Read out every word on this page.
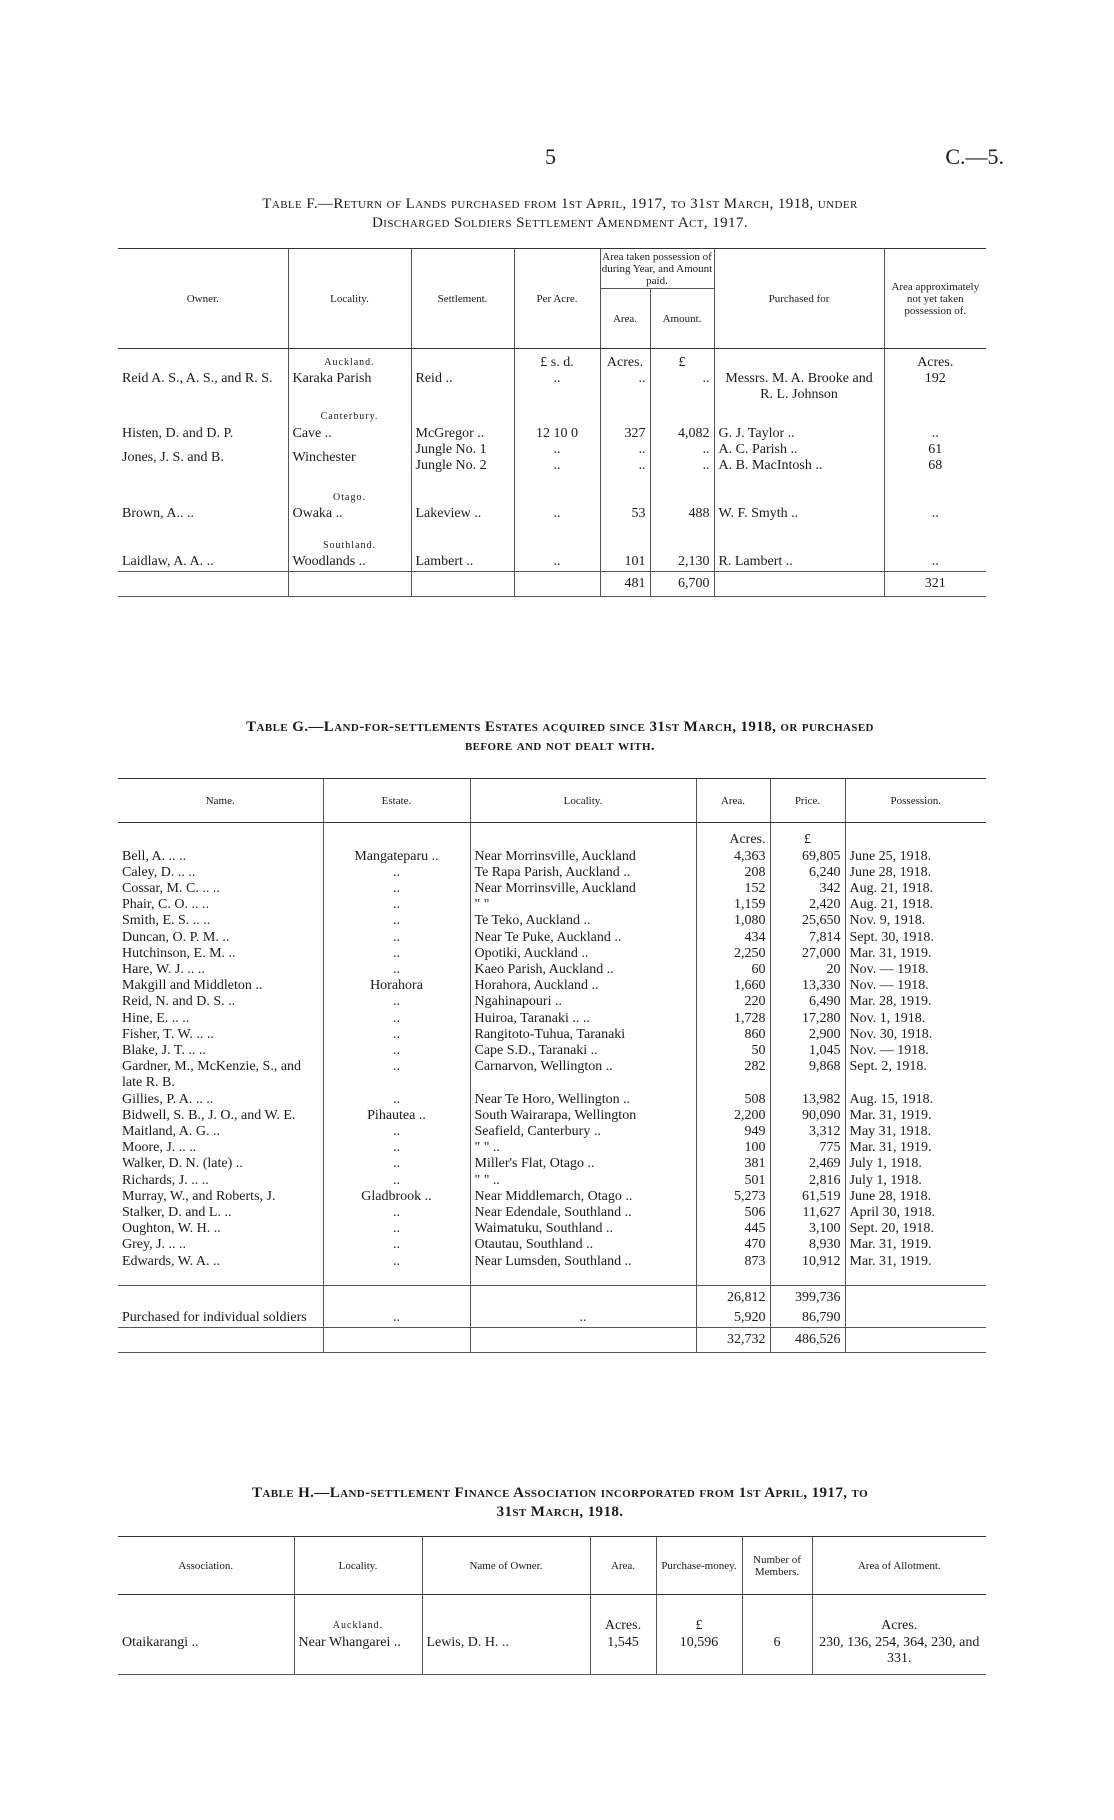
5	C.—5.
Table F.—Return of Lands purchased from 1st April, 1917, to 31st March, 1918, under
Discharged Soldiers Settlement Amendment Act, 1917.
Owner.	Locality.	Settlement.	Per Acre.	Area taken possession of during Year, and Amount paid.		Purchased for	Area approximately not yet taken possession of.
				Area.	Amount.		
	Auckland.		£ s. d.	Acres.	£		Acres.
Reid A. S., A. S., and R. S.	Karaka Parish	Reid ..	..	..	..	Messrs. M. A. Brooke and R. L. Johnson	192
	Canterbury.						
Histen, D. and D. P.	Cave ..	McGregor ..	12 10 0	327	4,082	G. J. Taylor ..	..
Jones, J. S. and B.	Winchester	Jungle No. 1	..	..	..	A. C. Parish ..	61
		Jungle No. 2	..	..	..	A. B. MacIntosh ..	68
	Otago.						
Brown, A.. ..	Owaka ..	Lakeview ..	..	53	488	W. F. Smyth ..	..
	Southland.						
Laidlaw, A. A. ..	Woodlands ..	Lambert ..	..	101	2,130	R. Lambert ..	..
				481	6,700		321
Table G.—Land-for-settlements Estates acquired since 31st March, 1918, or purchased
before and not dealt with.
Name.	Estate.	Locality.	Area.	Price.	Possession.
			Acres.	£	
Bell, A. .. ..	Mangateparu ..	Near Morrinsville, Auckland	4,363	69,805	June 25, 1918.
Caley, D. .. ..	..	Te Rapa Parish, Auckland ..	208	6,240	June 28, 1918.
Cossar, M. C. .. ..	..	Near Morrinsville, Auckland	152	342	Aug. 21, 1918.
Phair, C. O. .. ..	..	" "	1,159	2,420	Aug. 21, 1918.
Smith, E. S. .. ..	..	Te Teko, Auckland ..	1,080	25,650	Nov. 9, 1918.
Duncan, O. P. M. ..	..	Near Te Puke, Auckland ..	434	7,814	Sept. 30, 1918.
Hutchinson, E. M. ..	..	Opotiki, Auckland ..	2,250	27,000	Mar. 31, 1919.
Hare, W. J. .. ..	..	Kaeo Parish, Auckland ..	60	20	Nov. — 1918.
Makgill and Middleton ..	Horahora	Horahora, Auckland ..	1,660	13,330	Nov. — 1918.
Reid, N. and D. S. ..	..	Ngahinapouri ..	220	6,490	Mar. 28, 1919.
Hine, E. .. ..	..	Huiroa, Taranaki .. ..	1,728	17,280	Nov. 1, 1918.
Fisher, T. W. .. ..	..	Rangitoto-Tuhua, Taranaki	860	2,900	Nov. 30, 1918.
Blake, J. T. .. ..	..	Cape S.D., Taranaki ..	50	1,045	Nov. — 1918.
Gardner, M., McKenzie, S., and late R. B.	..	Carnarvon, Wellington ..	282	9,868	Sept. 2, 1918.
Gillies, P. A. .. ..	..	Near Te Horo, Wellington ..	508	13,982	Aug. 15, 1918.
Bidwell, S. B., J. O., and W. E.	Pihautea ..	South Wairarapa, Wellington	2,200	90,090	Mar. 31, 1919.
Maitland, A. G. ..	..	Seafield, Canterbury ..	949	3,312	May 31, 1918.
Moore, J. .. ..	..	" " ..	100	775	Mar. 31, 1919.
Walker, D. N. (late) ..	..	Miller's Flat, Otago ..	381	2,469	July 1, 1918.
Richards, J. .. ..	..	" " ..	501	2,816	July 1, 1918.
Murray, W., and Roberts, J.	Gladbrook ..	Near Middlemarch, Otago ..	5,273	61,519	June 28, 1918.
Stalker, D. and L. ..	..	Near Edendale, Southland ..	506	11,627	April 30, 1918.
Oughton, W. H. ..	..	Waimatuku, Southland ..	445	3,100	Sept. 20, 1918.
Grey, J. .. ..	..	Otautau, Southland ..	470	8,930	Mar. 31, 1919.
Edwards, W. A. ..	..	Near Lumsden, Southland ..	873	10,912	Mar. 31, 1919.

			26,812	399,736	
Purchased for individual soldiers	..	..	5,920	86,790	
			32,732	486,526	
Table H.—Land-settlement Finance Association incorporated from 1st April, 1917, to
31st March, 1918.
Association.	Locality.	Name of Owner.	Area.	Purchase-money.	Number of Members.	Area of Allotment.
	Auckland.		Acres.	£		Acres.
Otaikarangi ..	Near Whangarei ..	Lewis, D. H. ..	1,545	10,596	6	230, 136, 254, 364, 230, and 331.
